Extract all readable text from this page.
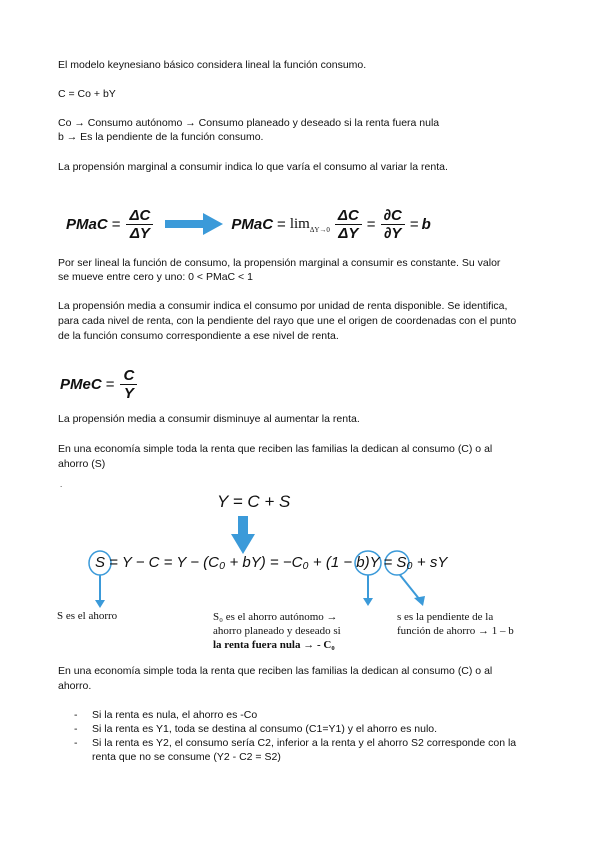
El modelo keynesiano básico considera lineal la función consumo.
C = Co + bY
Co → Consumo autónomo → Consumo planeado y deseado si la renta fuera nula
b → Es la pendiente de la función consumo.
La propensión marginal a consumir indica lo que varía el consumo al variar la renta.
PMaC = $\frac{\Delta C}{\Delta Y}$	PMaC = $\lim \Delta Y\to 0 \frac{\Delta C}{\Delta Y} = \frac{\partial C}{\partial Y} = b$
Por ser lineal la función de consumo, la propensión marginal a consumir es constante. Su valor
se mueve entre cero y uno: 0 < PMaC < 1
La propensión media a consumir indica el consumo por unidad de renta disponible. Se identifica,
para cada nivel de renta, con la pendiente del rayo que une el origen de coordenadas con el punto
de la función consumo correspondiente a ese nivel de renta.
PMeC = $\frac{C}{Y}$
La propensión media a consumir disminuye al aumentar la renta.
En una economía simple toda la renta que reciben las familias la dedican al consumo (C) o al
ahorro (S)
.
Y = C + S
S = Y − C = Y − (C₀ + bY) = −C₀ + (1 − b)Y = S₀ + sY
S es el ahorro	S₀ es el ahorro autónomo →
ahorro planeado y deseado si
la renta fuera nula → - C₀
s es la pendiente de la
función de ahorro → 1 – b
En una economía simple toda la renta que reciben las familias la dedican al consumo (C) o al
ahorro.
- Si la renta es nula, el ahorro es -Co
- Si la renta es Y1, toda se destina al consumo (C1=Y1) y el ahorro es nulo.
- Si la renta es Y2, el consumo sería C2, inferior a la renta y el ahorro S2 corresponde con la
renta que no se consume (Y2 - C2 = S2)
